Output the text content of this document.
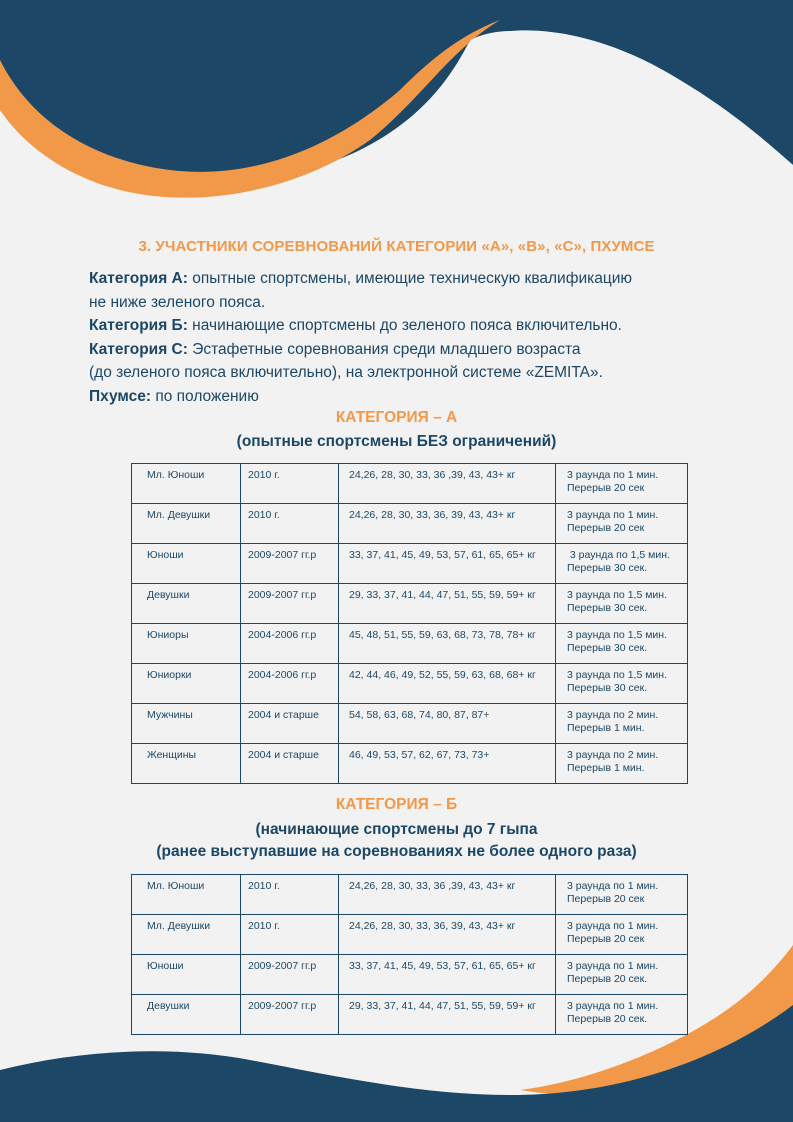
3. УЧАСТНИКИ СОРЕВНОВАНИЙ КАТЕГОРИИ «А», «В», «С», ПХУМСЕ
Категория А: опытные спортсмены, имеющие техническую квалификацию
не ниже зеленого пояса.
Категория Б: начинающие спортсмены до зеленого пояса включительно.
Категория С: Эстафетные соревнования среди младшего возраста
(до зеленого пояса включительно), на электронной системе «ZEMITA».
Пхумсе: по положению
КАТЕГОРИЯ – А
(опытные спортсмены БЕЗ ограничений)
Мл. Юноши	2010 г.	24,26, 28, 30, 33, 36 ,39, 43, 43+ кг	3 раунда по 1 мин.
Перерыв 20 сек

Мл. Девушки	2010 г.	24,26, 28, 30, 33, 36, 39, 43, 43+ кг	3 раунда по 1 мин.
Перерыв 20 сек

Юноши	2009-2007 гг.р	33, 37, 41, 45, 49, 53, 57, 61, 65, 65+ кг	3 раунда по 1,5 мин.
Перерыв 30 сек.

Девушки	2009-2007 гг.р	29, 33, 37, 41, 44, 47, 51, 55, 59, 59+ кг	3 раунда по 1,5 мин.
Перерыв 30 сек.

Юниоры	2004-2006 гг.р	45, 48, 51, 55, 59, 63, 68, 73, 78, 78+ кг	3 раунда по 1,5 мин.
Перерыв 30 сек.

Юниорки	2004-2006 гг.р	42, 44, 46, 49, 52, 55, 59, 63, 68, 68+ кг	3 раунда по 1,5 мин.
Перерыв 30 сек.

Мужчины	2004 и старше	54, 58, 63, 68, 74, 80, 87, 87+	3 раунда по 2 мин.
Перерыв 1 мин.

Женщины	2004 и старше	46, 49, 53, 57, 62, 67, 73, 73+	3 раунда по 2 мин.
Перерыв 1 мин.
КАТЕГОРИЯ – Б
(начинающие спортсмены до 7 гыпа
(ранее выступавшие на соревнованиях не более одного раза)
Мл. Юноши	2010 г.	24,26, 28, 30, 33, 36 ,39, 43, 43+ кг	3 раунда по 1 мин.
Перерыв 20 сек

Мл. Девушки	2010 г.	24,26, 28, 30, 33, 36, 39, 43, 43+ кг	3 раунда по 1 мин.
Перерыв 20 сек

Юноши	2009-2007 гг.р	33, 37, 41, 45, 49, 53, 57, 61, 65, 65+ кг	3 раунда по 1 мин.
Перерыв 20 сек.

Девушки	2009-2007 гг.р	29, 33, 37, 41, 44, 47, 51, 55, 59, 59+ кг	3 раунда по 1 мин.
Перерыв 20 сек.
